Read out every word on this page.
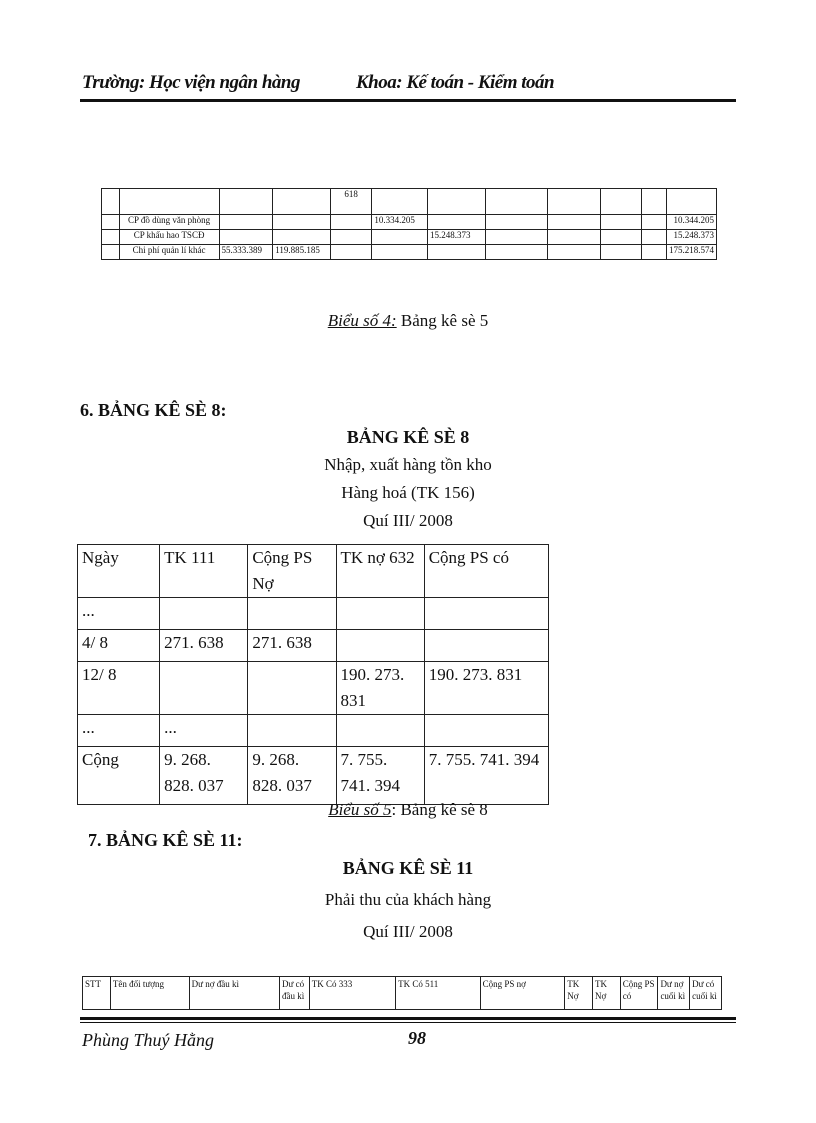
Trường: Học viện ngân hàng	Khoa: Kế toán - Kiểm toán
				618							
	CP đồ dùng văn phòng				10.334.205						10.344.205
	CP khấu hao TSCĐ					15.248.373					15.248.373
	Chi phí quản lí khác	55.333.389	119.885.185								175.218.574
Biểu số 4: Bảng kê sè 5
6. BẢNG KÊ SÈ 8:
BẢNG KÊ SÈ 8
Nhập, xuất hàng tồn kho
Hàng hoá (TK 156)
Quí III/ 2008
Ngày	TK 111	Cộng PS Nợ	TK nợ 632	Cộng PS có
...				
4/ 8	271. 638	271. 638		
12/ 8			190. 273. 831	190. 273. 831
...	...			
Cộng	9. 268. 828. 037	9. 268. 828. 037	7. 755. 741. 394	7. 755. 741. 394
Biểu số 5: Bảng kê sè 8
7. BẢNG KÊ SÈ 11:
BẢNG KÊ SÈ 11
Phải thu của khách hàng
Quí III/ 2008
STT	Tên đối tượng	Dư nợ đầu kì	Dư có đầu kì	TK Có 333	TK Có 511	Cộng PS nợ	TK Nợ	TK Nợ	Cộng PS có	Dư nợ cuối kì	Dư có cuối kì
Phùng Thuý Hằng	98
